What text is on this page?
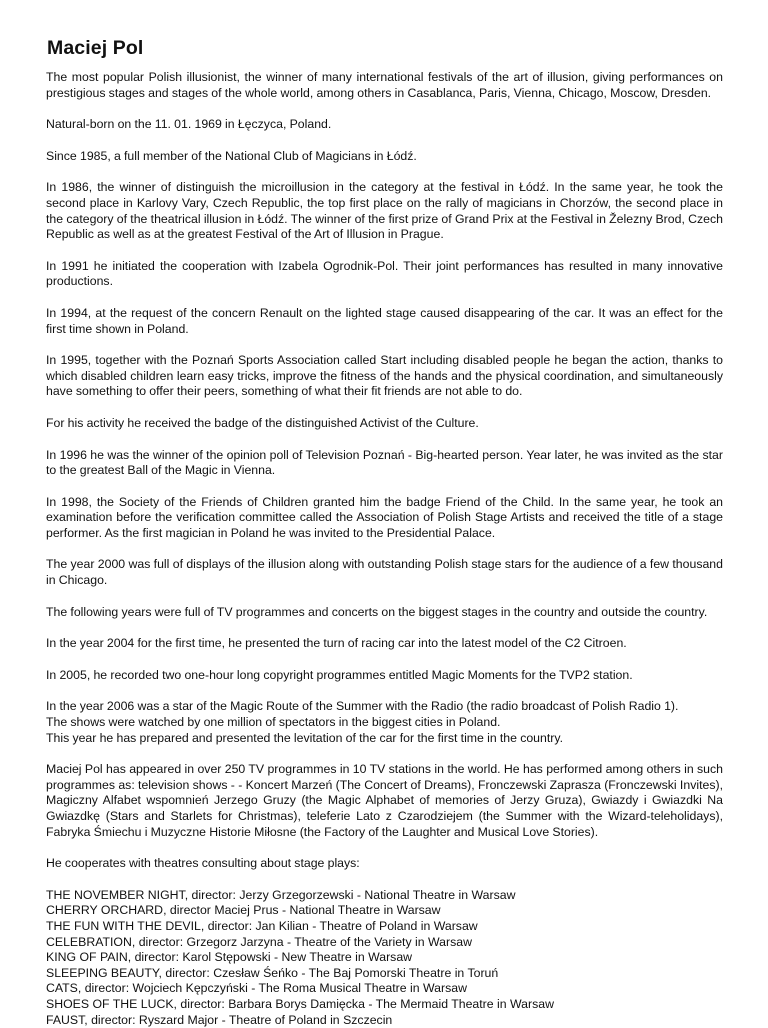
Maciej Pol

The most popular Polish illusionist, the winner of many international festivals of the art of illusion, giving performances on prestigious stages and stages of the whole world, among others in Casablanca, Paris, Vienna, Chicago, Moscow, Dresden.

Natural-born on the 11. 01. 1969 in Łęczyca, Poland.

Since 1985, a full member of the National Club of Magicians in Łódź.

In 1986, the winner of distinguish the microillusion in the category at the festival in Łódź. In the same year, he took the second place in Karlovy Vary, Czech Republic, the top first place on the rally of magicians in Chorzów, the second place in the category of the theatrical illusion in Łódź. The winner of the first prize of Grand Prix at the Festival in Železny Brod, Czech Republic as well as at the greatest Festival of the Art of Illusion in Prague.

In 1991 he initiated the cooperation with Izabela Ogrodnik-Pol. Their joint performances has resulted in many innovative productions.

In 1994, at the request of the concern Renault on the lighted stage caused disappearing of the car. It was an effect for the first time shown in Poland.

In 1995, together with the Poznań Sports Association called Start including disabled people he began the action, thanks to which disabled children learn easy tricks, improve the fitness of the hands and the physical coordination, and simultaneously have something to offer their peers, something of what their fit friends are not able to do.

For his activity he received the badge of the distinguished Activist of the Culture.

In 1996 he was the winner of the opinion poll of Television Poznań - Big-hearted person. Year later, he was invited as the star to the greatest Ball of the Magic in Vienna.

In 1998, the Society of the Friends of Children granted him the badge Friend of the Child. In the same year, he took an examination before the verification committee called the Association of Polish Stage Artists and received the title of a stage performer. As the first magician in Poland he was invited to the Presidential Palace.

The year 2000 was full of displays of the illusion along with outstanding Polish stage stars for the audience of a few thousand in Chicago.

The following years were full of TV programmes and concerts on the biggest stages in the country and outside the country.

In the year 2004 for the first time, he presented the turn of racing car into the latest model of the C2 Citroen.

In 2005, he recorded two one-hour long copyright programmes entitled Magic Moments for the TVP2 station.

In the year 2006 was a star of the Magic Route of the Summer with the Radio (the radio broadcast of Polish Radio 1).
The shows were watched by one million of spectators in the biggest cities in Poland.
This year he has prepared and presented the levitation of the car for the first time in the country.

Maciej Pol has appeared in over 250 TV programmes in 10 TV stations in the world. He has performed among others in such programmes as: television shows - - Koncert Marzeń (The Concert of Dreams), Fronczewski Zaprasza (Fronczewski Invites), Magiczny Alfabet wspomnień Jerzego Gruzy (the Magic Alphabet of memories of Jerzy Gruza), Gwiazdy i Gwiazdki Na Gwiazdkę (Stars and Starlets for Christmas), teleferie Lato z Czarodziejem (the Summer with the Wizard-teleholidays), Fabryka Śmiechu i Muzyczne Historie Miłosne (the Factory of the Laughter and Musical Love Stories).

He cooperates with theatres consulting about stage plays:

THE NOVEMBER NIGHT, director: Jerzy Grzegorzewski - National Theatre in Warsaw
CHERRY ORCHARD, director Maciej Prus - National Theatre in Warsaw
THE FUN WITH THE DEVIL, director: Jan Kilian - Theatre of Poland in Warsaw
CELEBRATION, director: Grzegorz Jarzyna - Theatre of the Variety in Warsaw
KING OF PAIN, director: Karol Stępowski - New Theatre in Warsaw
SLEEPING BEAUTY, director: Czesław Śeńko - The Baj Pomorski Theatre in Toruń
CATS, director: Wojciech Kępczyński - The Roma Musical Theatre in Warsaw
SHOES OF THE LUCK, director: Barbara Borys Damięcka - The Mermaid Theatre in Warsaw
FAUST, director: Ryszard Major - Theatre of Poland in Szczecin
